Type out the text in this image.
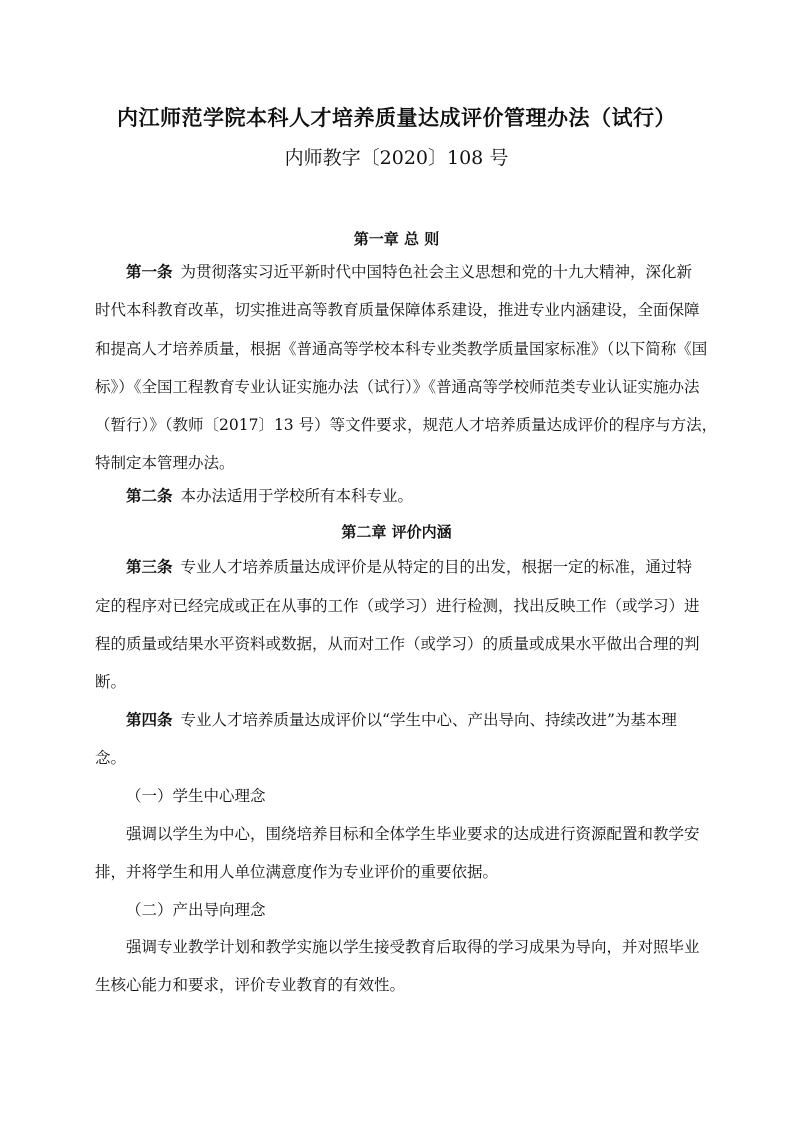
内江师范学院本科人才培养质量达成评价管理办法（试行）
内师教字〔2020〕108 号
第一章 总 则
第一条 为贯彻落实习近平新时代中国特色社会主义思想和党的十九大精神，深化新
时代本科教育改革，切实推进高等教育质量保障体系建设，推进专业内涵建设，全面保障
和提高人才培养质量，根据《普通高等学校本科专业类教学质量国家标准》（以下简称《国
标》）《全国工程教育专业认证实施办法（试行）》《普通高等学校师范类专业认证实施办法
（暂行）》（教师〔2017〕13 号）等文件要求，规范人才培养质量达成评价的程序与方法，
特制定本管理办法。
第二条 本办法适用于学校所有本科专业。
第二章 评价内涵
第三条 专业人才培养质量达成评价是从特定的目的出发，根据一定的标准，通过特
定的程序对已经完成或正在从事的工作（或学习）进行检测，找出反映工作（或学习）进
程的质量或结果水平资料或数据，从而对工作（或学习）的质量或成果水平做出合理的判
断。
第四条 专业人才培养质量达成评价以“学生中心、产出导向、持续改进”为基本理
念。
（一）学生中心理念
强调以学生为中心，围绕培养目标和全体学生毕业要求的达成进行资源配置和教学安
排，并将学生和用人单位满意度作为专业评价的重要依据。
（二）产出导向理念
强调专业教学计划和教学实施以学生接受教育后取得的学习成果为导向，并对照毕业
生核心能力和要求，评价专业教育的有效性。
